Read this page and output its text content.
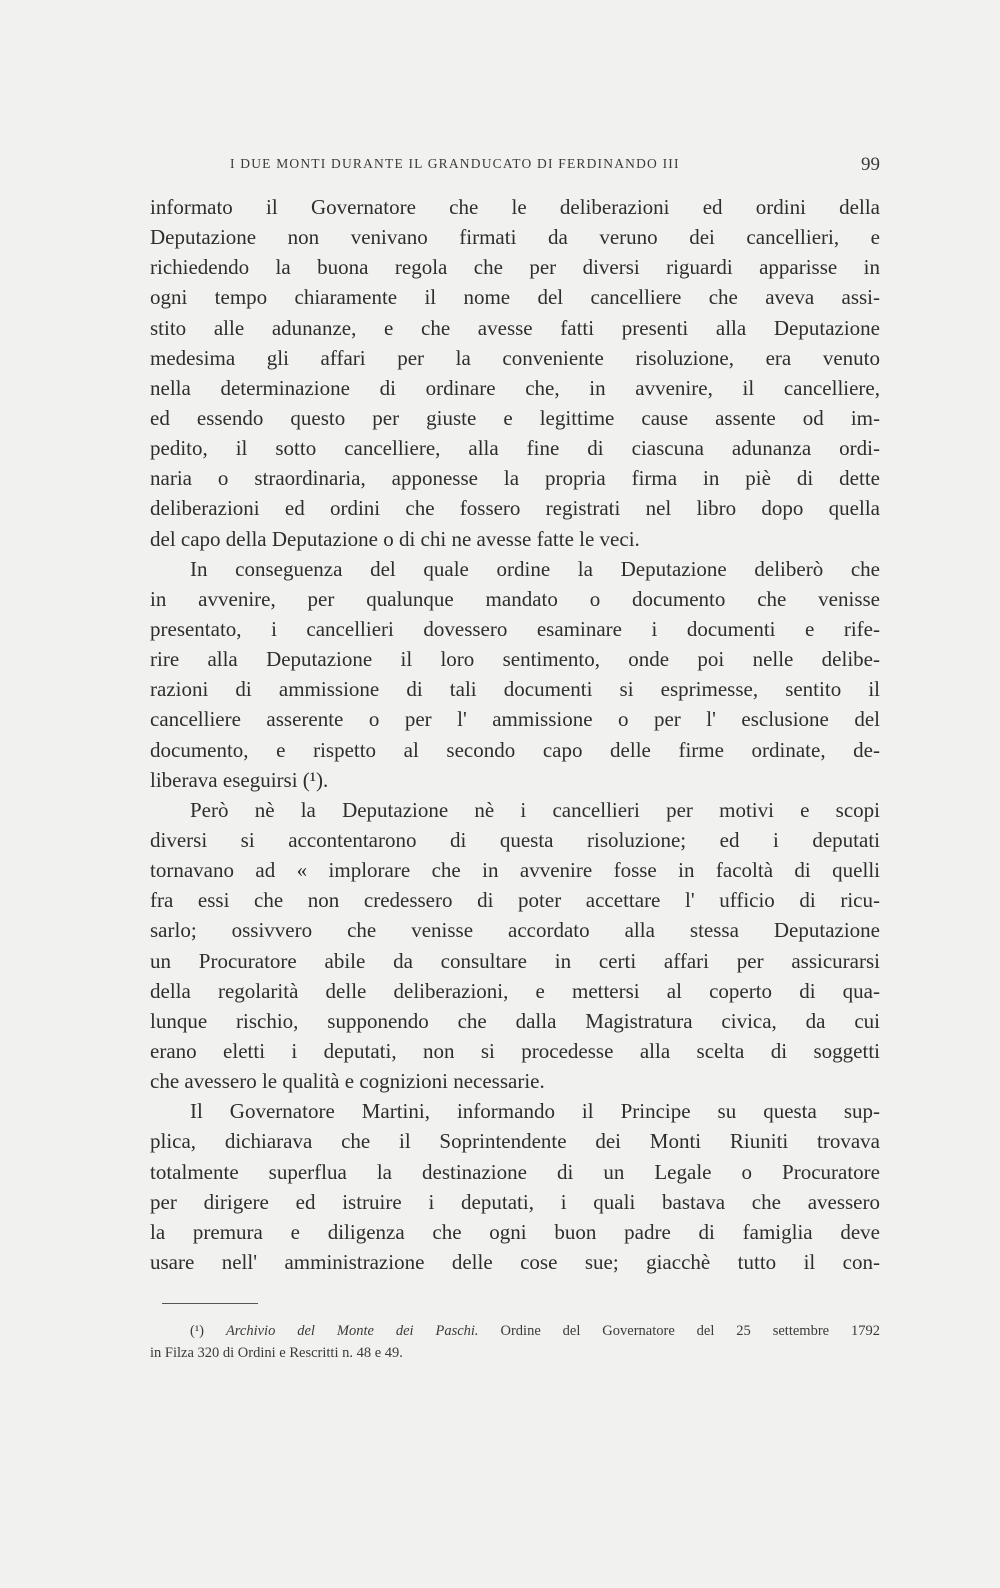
I DUE MONTI DURANTE IL GRANDUCATO DI FERDINANDO III	99
informato il Governatore che le deliberazioni ed ordini della
Deputazione non venivano firmati da veruno dei cancellieri, e
richiedendo la buona regola che per diversi riguardi apparisse in
ogni tempo chiaramente il nome del cancelliere che aveva assi-
stito alle adunanze, e che avesse fatti presenti alla Deputazione
medesima gli affari per la conveniente risoluzione, era venuto
nella determinazione di ordinare che, in avvenire, il cancelliere,
ed essendo questo per giuste e legittime cause assente od im-
pedito, il sotto cancelliere, alla fine di ciascuna adunanza ordi-
naria o straordinaria, apponesse la propria firma in piè di dette
deliberazioni ed ordini che fossero registrati nel libro dopo quella
del capo della Deputazione o di chi ne avesse fatte le veci.
In conseguenza del quale ordine la Deputazione deliberò che
in avvenire, per qualunque mandato o documento che venisse
presentato, i cancellieri dovessero esaminare i documenti e rife-
rire alla Deputazione il loro sentimento, onde poi nelle delibe-
razioni di ammissione di tali documenti si esprimesse, sentito il
cancelliere asserente o per l' ammissione o per l' esclusione del
documento, e rispetto al secondo capo delle firme ordinate, de-
liberava eseguirsi (¹).
Però nè la Deputazione nè i cancellieri per motivi e scopi
diversi si accontentarono di questa risoluzione; ed i deputati
tornavano ad « implorare che in avvenire fosse in facoltà di quelli
fra essi che non credessero di poter accettare l' ufficio di ricu-
sarlo; ossivvero che venisse accordato alla stessa Deputazione
un Procuratore abile da consultare in certi affari per assicurarsi
della regolarità delle deliberazioni, e mettersi al coperto di qua-
lunque rischio, supponendo che dalla Magistratura civica, da cui
erano eletti i deputati, non si procedesse alla scelta di soggetti
che avessero le qualità e cognizioni necessarie.
Il Governatore Martini, informando il Principe su questa sup-
plica, dichiarava che il Soprintendente dei Monti Riuniti trovava
totalmente superflua la destinazione di un Legale o Procuratore
per dirigere ed istruire i deputati, i quali bastava che avessero
la premura e diligenza che ogni buon padre di famiglia deve
usare nell' amministrazione delle cose sue; giacchè tutto il con-
(¹) Archivio del Monte dei Paschi. Ordine del Governatore del 25 settembre 1792
in Filza 320 di Ordini e Rescritti n. 48 e 49.
